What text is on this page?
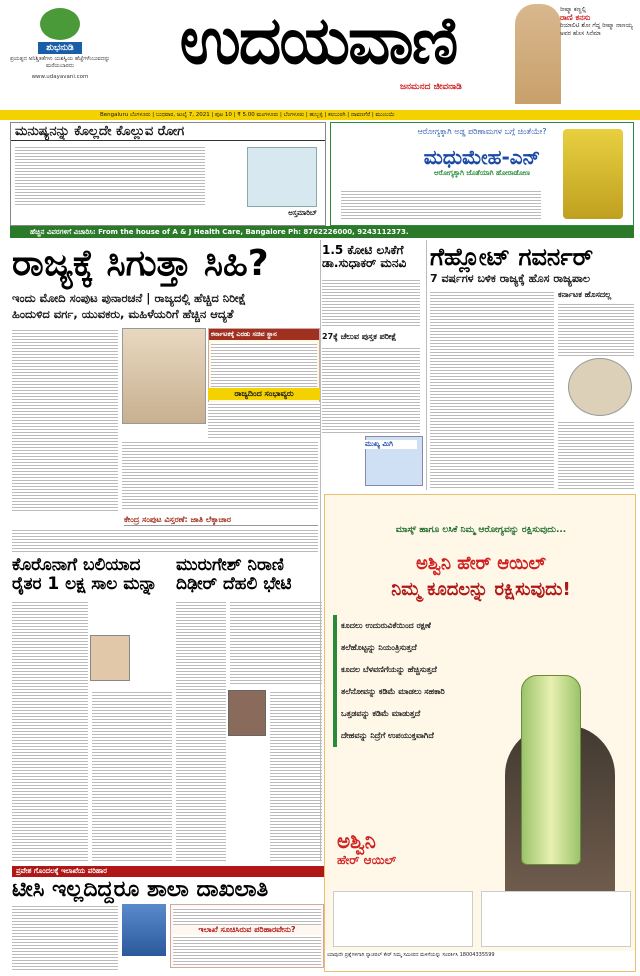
ಶುಭನುಡಿ
ಪ್ರಯತ್ನದ ಅನಿಶ್ಚಿತತೆಗಳು ಯಶಸ್ವಿಯ ಹೆಜ್ಜೆಗಳೆಂಬುವದನ್ನು ಮರೆಯಬಾರದು
www.udayavani.com	ಉದಯವಾಣಿ
ಜನಮನದ ಜೀವನಾಡಿ
ರೀಷ್ಮಾ ಕಣ್ಣಲ್ಲಿ
ರಾಣಿ ಕನಸು
ರಿಯಾಲಿಟಿ ಶೋ ಗೆದ್ದ ರೀಷ್ಮಾ ನಾಣಯ್ಯ ಅವರ ಹೊಸ ಸಿನೆಮಾ
Bengaluru ಬೆಂಗಳೂರು | ಬುಧವಾರ, ಜುಲೈ 7, 2021 | ಪುಟ 10 | ₹ 5.00 ಮಂಗಳೂರು | ಬೆಂಗಳೂರು | ಹುಬ್ಬಳ್ಳಿ | ಕಲಬುರಗಿ | ದಾವಣಗೆರೆ | ಮುಂಬಯಿ
ಮನುಷ್ಯನನ್ನು ಕೊಲ್ಲದೇ ಕೊಲ್ಲುವ ರೋಗ
ಅಸ್ತಮಾರಿಬ್
ಆರೋಗ್ಯಕ್ಕಾಗಿ ಅಡ್ಡ ಪರಿಣಾಮಗಳ ಬಗ್ಗೆ ಚಿಂತೆಯೇ?
ಮಧುಮೇಹ-ಎನ್
ಆರೋಗ್ಯಕ್ಕಾಗಿ ಜೊತೆಯಾಗಿ ಹೋರಾಡೋಣ
ಹೆಚ್ಚಿನ ವಿವರಗಳಿಗೆ ವಿಚಾರಿಸಿ: From the house of A & J Health Care, Bangalore Ph: 8762226000, 9243112373.
ರಾಜ್ಯಕ್ಕೆ ಸಿಗುತ್ತಾ ಸಿಹಿ?
ಇಂದು ಮೋದಿ ಸಂಪುಟ ಪುನಾರಚನೆ | ರಾಜ್ಯದಲ್ಲಿ ಹೆಚ್ಚಿದ ನಿರೀಕ್ಷೆ
ಹಿಂದುಳಿದ ವರ್ಗ, ಯುವಕರು, ಮಹಿಳೆಯರಿಗೆ ಹೆಚ್ಚಿನ ಆದ್ಯತೆ
ಕರ್ನಾಟಕಕ್ಕೆ ಎರಡು ಸಚಿವ ಸ್ಥಾನ
ರಾಜ್ಯದಿಂದ ಸಂಭಾವ್ಯರು
ಕೇಂದ್ರ ಸಂಪುಟ ವಿಸ್ತರಣೆ: ಜಾತಿ ಲೆಕ್ಕಾಚಾರ
1.5 ಕೋಟಿ ಲಸಿಕೆಗೆ ಡಾ.ಸುಧಾಕರ್ ಮನವಿ
27ಕ್ಕೆ ಚೆಲುವ ಪುಸ್ತಕ ಪರೀಕ್ಷೆ
ಮುಖ್ಯ ಮಿಗಿ
ಗೆಹ್ಲೋಟ್ ಗವರ್ನರ್
7 ವರ್ಷಗಳ ಬಳಿಕ ರಾಜ್ಯಕ್ಕೆ ಹೊಸ ರಾಜ್ಯಪಾಲ
ಕರ್ನಾಟಕ ಹೊಸದಲ್ಲ
ಕೊರೊನಾಗೆ ಬಲಿಯಾದ ರೈತರ 1 ಲಕ್ಷ ಸಾಲ ಮನ್ನಾ
ಮುರುಗೇಶ್ ನಿರಾಣಿ ದಿಢೀರ್ ದೆಹಲಿ ಭೇಟಿ
ಪ್ರವೇಶ ಗೊಂದಲಕ್ಕೆ ಇಲಾಖೆಯ ಪರಿಹಾರ
ಟೀಸಿ ಇಲ್ಲದಿದ್ದರೂ ಶಾಲಾ ದಾಖಲಾತಿ
ಇಲಾಖೆ ಸೂಚಿಸಿರುವ ಪರಿಹಾರವೇನು?
ಮಾಸ್ಕ್ ಹಾಗೂ ಲಸಿಕೆ ನಿಮ್ಮ ಆರೋಗ್ಯವನ್ನು ರಕ್ಷಿಸುವುದು...
ಅಶ್ವಿನಿ ಹೇರ್ ಆಯಿಲ್
ನಿಮ್ಮ ಕೂದಲನ್ನು ರಕ್ಷಿಸುವುದು!
ಕೂದಲು ಉದುರುವಿಕೆಯಿಂದ ರಕ್ಷಣೆ
ತಲೆಹೊಟ್ಟನ್ನು ನಿಯಂತ್ರಿಸುತ್ತದೆ
ಕೂದಲ ಬೆಳವಣಿಗೆಯನ್ನು ಹೆಚ್ಚಿಸುತ್ತದೆ
ತಲೆನೋವನ್ನು ಕಡಿಮೆ ಮಾಡಲು ಸಹಕಾರಿ
ಒತ್ತಡವನ್ನು ಕಡಿಮೆ ಮಾಡುತ್ತದೆ
ದೇಹವನ್ನು ನಿದ್ರೆಗೆ ಉಪಯುಕ್ತವಾಗಿದೆ
ಅಶ್ವಿನಿ
ಹೇರ್ ಆಯಿಲ್
ಯಾವುದೇ ಪ್ರಶ್ನೆಗಳಿಗಾಗಿ ನ್ಯಾಚರಲ್ ಕೇರ್ ನಿಮ್ಮ ಸಮೀಪದ ಮಳಿಗೆಯನ್ನು ಸಂಪರ್ಕಿಸಿ 18004335599
